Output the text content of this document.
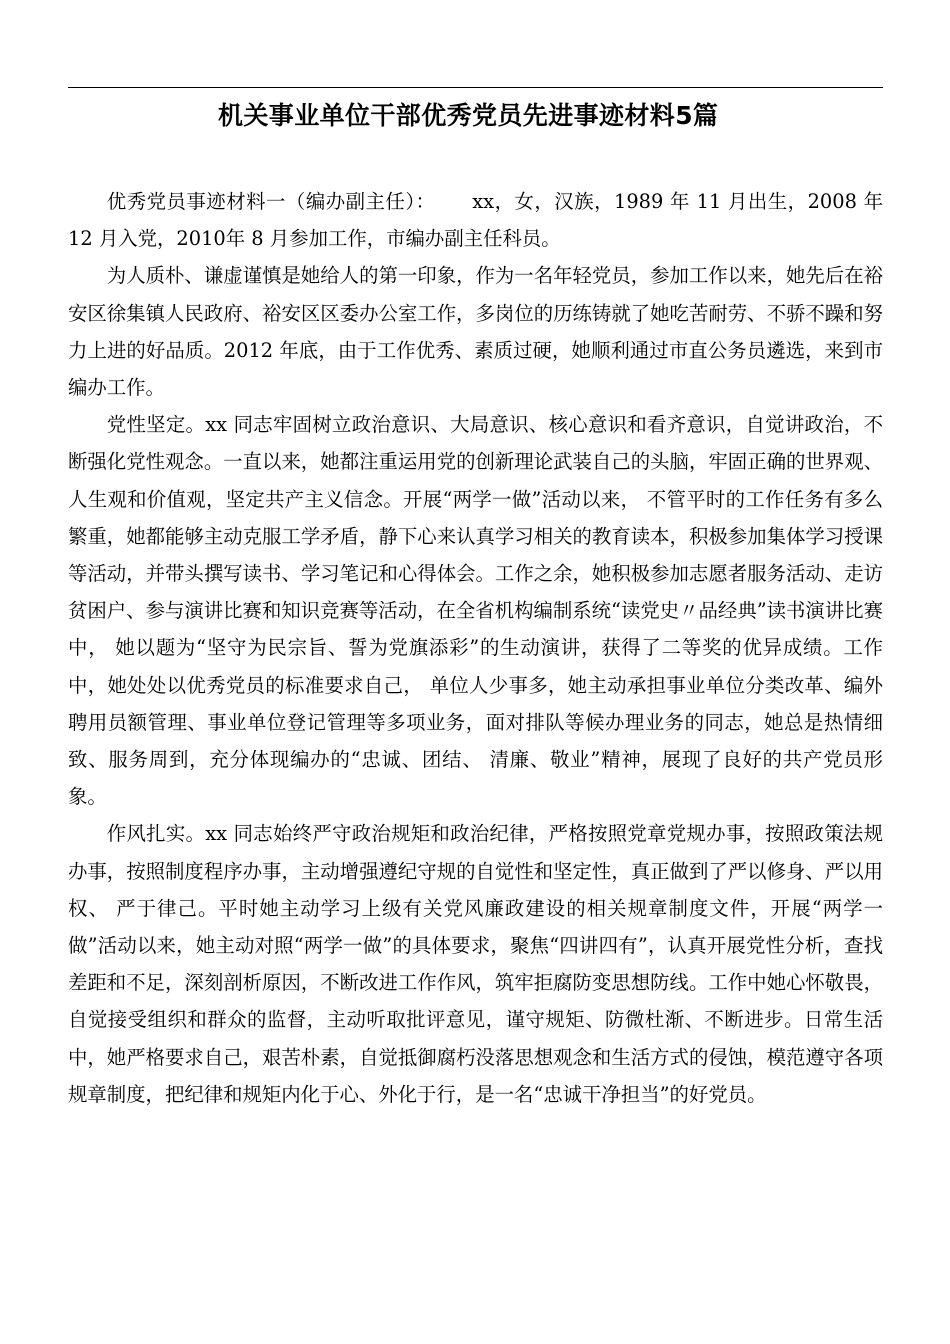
机关事业单位干部优秀党员先进事迹材料5篇

优秀党员事迹材料一（编办副主任）：　　 xx，女，汉族，1989 年 11 月出生，2008 年12 月入党，2010年 8 月参加工作，市编办副主任科员。

为人质朴、谦虚谨慎是她给人的第一印象，作为一名年轻党员，参加工作以来，她先后在裕安区徐集镇人民政府、裕安区区委办公室工作，多岗位的历练铸就了她吃苦耐劳、不骄不躁和努力上进的好品质。2012 年底，由于工作优秀、素质过硬，她顺利通过市直公务员遴选，来到市编办工作。

党性坚定。xx 同志牢固树立政治意识、大局意识、核心意识和看齐意识，自觉讲政治，不断强化党性观念。一直以来，她都注重运用党的创新理论武装自己的头脑，牢固正确的世界观、人生观和价值观，坚定共产主义信念。开展“两学一做”活动以来， 不管平时的工作任务有多么繁重，她都能够主动克服工学矛盾，静下心来认真学习相关的教育读本，积极参加集体学习授课等活动，并带头撰写读书、学习笔记和心得体会。工作之余，她积极参加志愿者服务活动、走访贫困户、参与演讲比赛和知识竞赛等活动，在全省机构编制系统“读党史〃品经典”读书演讲比赛中， 她以题为“坚守为民宗旨、誓为党旗添彩”的生动演讲，获得了二等奖的优异成绩。工作中，她处处以优秀党员的标准要求自己， 单位人少事多，她主动承担事业单位分类改革、编外聘用员额管理、事业单位登记管理等多项业务，面对排队等候办理业务的同志，她总是热情细致、服务周到，充分体现编办的“忠诚、团结、 清廉、敬业”精神，展现了良好的共产党员形象。

作风扎实。xx 同志始终严守政治规矩和政治纪律，严格按照党章党规办事，按照政策法规办事，按照制度程序办事，主动增强遵纪守规的自觉性和坚定性，真正做到了严以修身、严以用权、 严于律己。平时她主动学习上级有关党风廉政建设的相关规章制度文件，开展“两学一做”活动以来，她主动对照“两学一做”的具体要求，聚焦“四讲四有”，认真开展党性分析，查找差距和不足，深刻剖析原因，不断改进工作作风，筑牢拒腐防变思想防线。工作中她心怀敬畏，自觉接受组织和群众的监督，主动听取批评意见，谨守规矩、防微杜渐、不断进步。日常生活中，她严格要求自己，艰苦朴素，自觉抵御腐朽没落思想观念和生活方式的侵蚀，模范遵守各项规章制度，把纪律和规矩内化于心、外化于行，是一名“忠诚干净担当”的好党员。
